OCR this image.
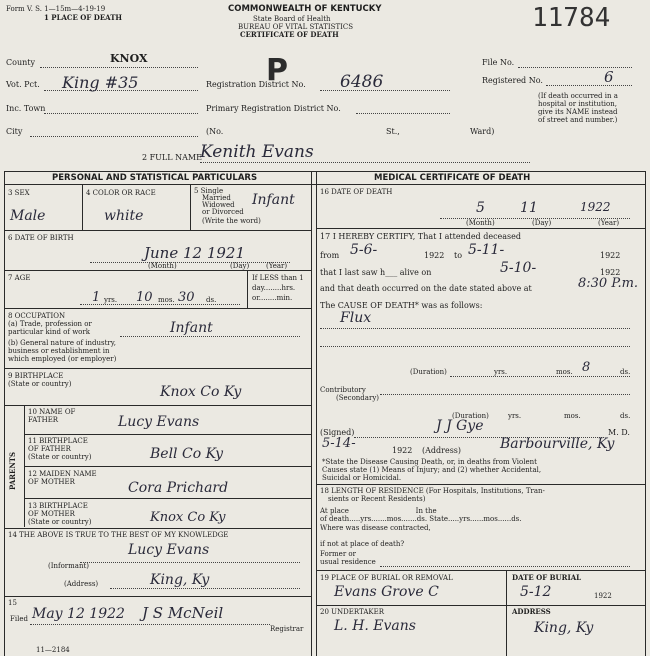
Form V. S. 1—15m—4-19-19
1 PLACE OF DEATH
COMMONWEALTH OF KENTUCKY
State Board of Health
BUREAU OF VITAL STATISTICS
CERTIFICATE OF DEATH
11784
P
County	KNOX
Vot. Pct. King #35	Registration District No. 6486
Inc. Town	Primary Registration District No.
City	(No.	St.,	Ward)
File No.
Registered No.	6
(If death occurred in a
hospital or institution,
give its NAME instead
of street and number.)
2 FULL NAME
Kenith Evans
PERSONAL AND STATISTICAL PARTICULARS	MEDICAL CERTIFICATE OF DEATH
3 SEX
Male
4 COLOR OR RACE
white
5 Single
Married
Widowed
or Divorced
(Write the word)
Infant
6 DATE OF BIRTH
June 12 1921
(Month)	(Day) (Year)
7 AGE
1 yrs. 10 mos. 30 ds.
If LESS than 1
day........hrs.
or........min.
8 OCCUPATION
(a) Trade, profession or
particular kind of work
(b) General nature of industry,
business or establishment in
which employed (or employer)
Infant
9 BIRTHPLACE
(State or country)	Knox Co Ky
PARENTS
10 NAME OF
FATHER	Lucy Evans
11 BIRTHPLACE
OF FATHER
(State or country)	Bell Co Ky
12 MAIDEN NAME
OF MOTHER	Cora Prichard
13 BIRTHPLACE
OF MOTHER
(State or country)	Knox Co Ky
14 THE ABOVE IS TRUE TO THE BEST OF MY KNOWLEDGE
Lucy Evans
(Informant)
(Address)	King, Ky
15
Filed May 12 1922 J S McNeil
Registrar
11—2184
16 DATE OF DEATH
5	11	1922
(Month)	(Day)	(Year)
17 I HEREBY CERTIFY, That I attended deceased
from 5-6-	1922 to 5-11-	1922
that I last saw h___ alive on	5-10-	1922
and that death occurred on the date stated above at	8:30 P.m.
The CAUSE OF DEATH* was as follows:
Flux
(Duration)	yrs.	mos. 8	ds.
Contributory
(Secondary)
(Duration)	yrs.	mos.	ds.
(Signed)	J J Gye	M. D.
5-14-	1922 (Address)	Barbourville, Ky
*State the Disease Causing Death, or, in deaths from Violent
Causes state (1) Means of Injury; and (2) whether Accidental,
Suicidal or Homicidal.
18 LENGTH OF RESIDENCE (For Hospitals, Institutions, Tran-
sients or Recent Residents)
At place                              In the
of death.....yrs.......mos.......ds. State.....yrs......mos......ds.
Where was disease contracted,
if not at place of death?
Former or
usual residence
19 PLACE OF BURIAL OR REMOVAL
Evans Grove C
DATE OF BURIAL
5-12	1922
20 UNDERTAKER
L. H. Evans
ADDRESS
King, Ky
